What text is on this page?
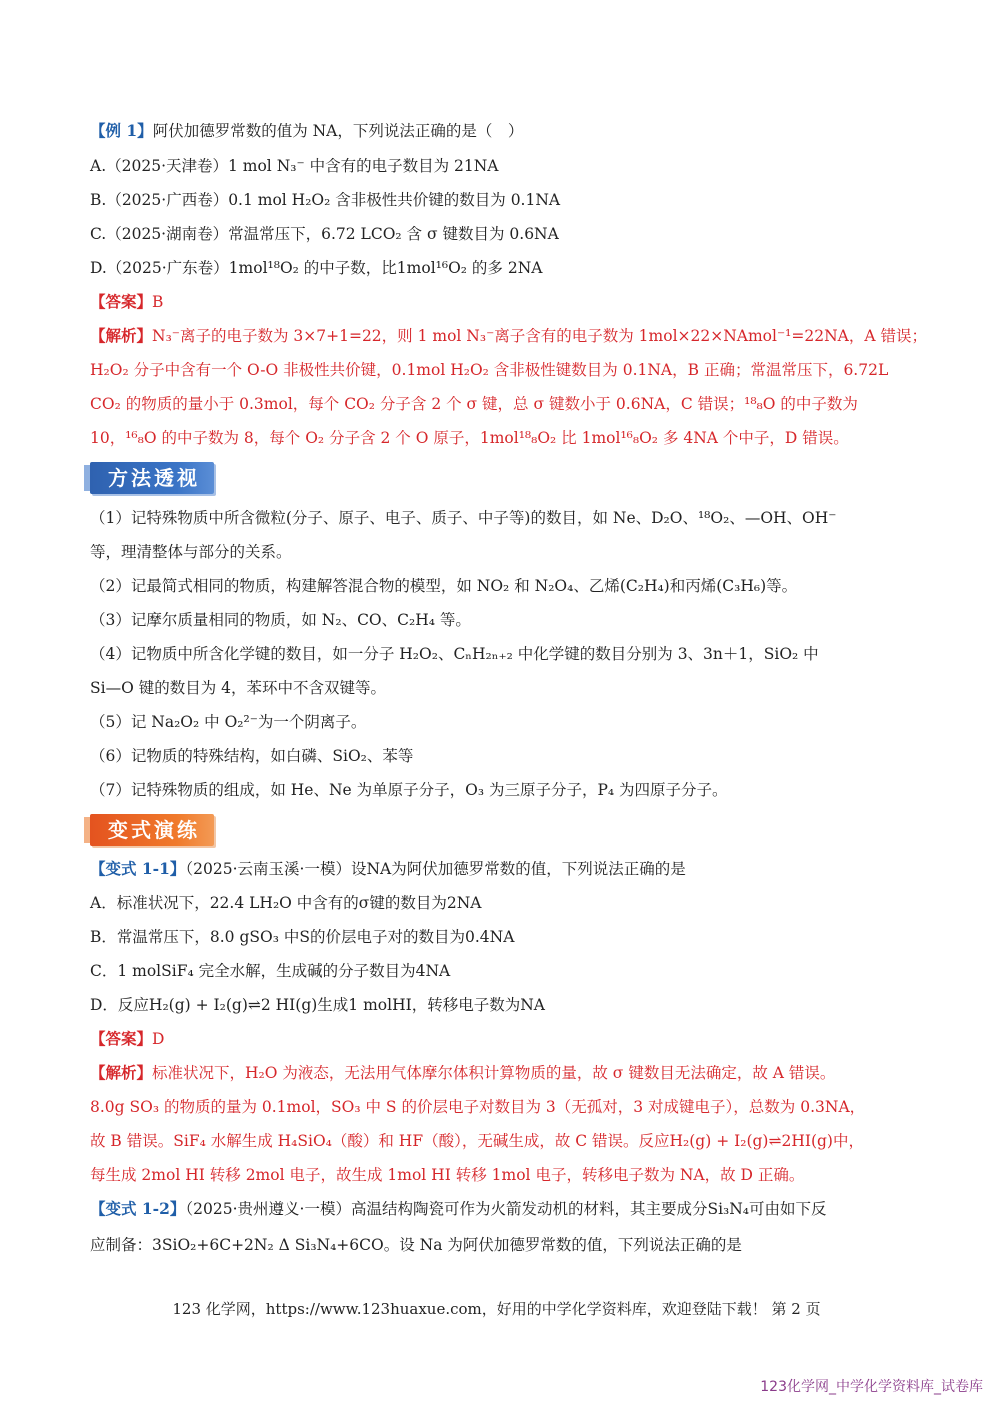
【例 1】阿伏加德罗常数的值为 NA，下列说法正确的是（　）
A.（2025·天津卷）1 mol N₃⁻ 中含有的电子数目为 21NA
B.（2025·广西卷）0.1 mol H₂O₂ 含非极性共价键的数目为 0.1NA
C.（2025·湖南卷）常温常压下，6.72 LCO₂ 含 σ 键数目为 0.6NA
D.（2025·广东卷）1mol¹⁸O₂ 的中子数，比1mol¹⁶O₂ 的多 2NA
【答案】B
【解析】N₃⁻离子的电子数为 3×7+1=22，则 1 mol N₃⁻离子含有的电子数为 1mol×22×NAmol⁻¹=22NA，A 错误；
H₂O₂ 分子中含有一个 O-O 非极性共价键，0.1mol H₂O₂ 含非极性键数目为 0.1NA，B 正确；常温常压下，6.72L
CO₂ 的物质的量小于 0.3mol，每个 CO₂ 分子含 2 个 σ 键，总 σ 键数小于 0.6NA，C 错误；¹⁸₈O 的中子数为
10，¹⁶₈O 的中子数为 8，每个 O₂ 分子含 2 个 O 原子，1mol¹⁸₈O₂ 比 1mol¹⁶₈O₂ 多 4NA 个中子，D 错误。
方法透视
（1）记特殊物质中所含微粒(分子、原子、电子、质子、中子等)的数目，如 Ne、D₂O、¹⁸O₂、—OH、OH⁻
等，理清整体与部分的关系。
（2）记最简式相同的物质，构建解答混合物的模型，如 NO₂ 和 N₂O₄、乙烯(C₂H₄)和丙烯(C₃H₆)等。
（3）记摩尔质量相同的物质，如 N₂、CO、C₂H₄ 等。
（4）记物质中所含化学键的数目，如一分子 H₂O₂、CₙH₂ₙ₊₂ 中化学键的数目分别为 3、3n＋1，SiO₂ 中
Si—O 键的数目为 4，苯环中不含双键等。
（5）记 Na₂O₂ 中 O₂²⁻为一个阴离子。
（6）记物质的特殊结构，如白磷、SiO₂、苯等
（7）记特殊物质的组成，如 He、Ne 为单原子分子，O₃ 为三原子分子，P₄ 为四原子分子。
变式演练
【变式 1-1】（2025·云南玉溪·一模）设NA为阿伏加德罗常数的值，下列说法正确的是
A．标准状况下，22.4 LH₂O 中含有的σ键的数目为2NA
B．常温常压下，8.0 gSO₃ 中S的价层电子对的数目为0.4NA
C．1 molSiF₄ 完全水解，生成碱的分子数目为4NA
D．反应H₂(g) + I₂(g)⇌2 HI(g)生成1 molHI，转移电子数为NA
【答案】D
【解析】标准状况下，H₂O 为液态，无法用气体摩尔体积计算物质的量，故 σ 键数目无法确定，故 A 错误。
8.0g SO₃ 的物质的量为 0.1mol，SO₃ 中 S 的价层电子对数目为 3（无孤对，3 对成键电子），总数为 0.3NA，
故 B 错误。SiF₄ 水解生成 H₄SiO₄（酸）和 HF（酸），无碱生成，故 C 错误。反应H₂(g) + I₂(g)⇌2HI(g)中，
每生成 2mol HI 转移 2mol 电子，故生成 1mol HI 转移 1mol 电子，转移电子数为 NA，故 D 正确。
【变式 1-2】（2025·贵州遵义·一模）高温结构陶瓷可作为火箭发动机的材料，其主要成分Si₃N₄可由如下反
应制备：3SiO₂+6C+2N₂ Δ Si₃N₄+6CO。设 Na 为阿伏加德罗常数的值，下列说法正确的是
123 化学网，https://www.123huaxue.com，好用的中学化学资料库，欢迎登陆下载！ 第 2 页
123化学网_中学化学资料库_试卷库
